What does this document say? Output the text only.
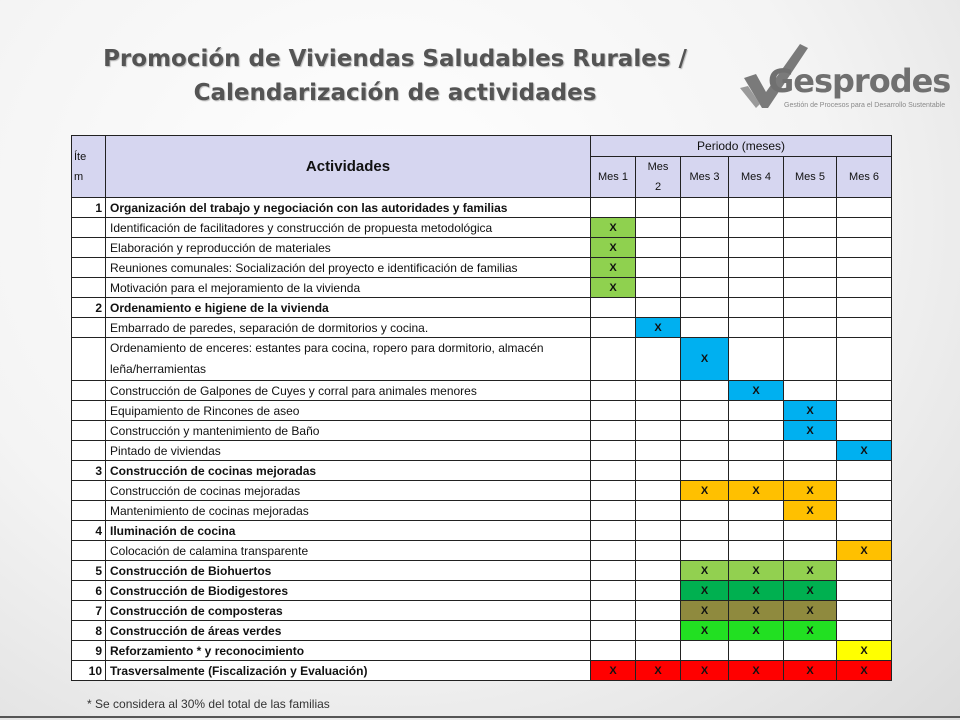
Promoción de Viviendas Saludables Rurales /
Calendarización de actividades	Gesprodes
Gestión de Procesos para el Desarrollo Sustentable
Íte m	Actividades	Periodo (meses)					
		Mes 1	Mes 2	Mes 3	Mes 4	Mes 5	Mes 6
1	Organización del trabajo y negociación con las autoridades y familias						
	Identificación de facilitadores y construcción de propuesta metodológica	X					
	Elaboración y reproducción de materiales	X					
	Reuniones comunales: Socialización del proyecto e identificación de familias	X					
	Motivación para el mejoramiento de la vivienda	X					
2	Ordenamiento e higiene de la vivienda						
	Embarrado de paredes, separación de dormitorios y cocina.		X				
	Ordenamiento de enceres: estantes para cocina, ropero para dormitorio, almacén leña/herramientas			X			
	Construcción de Galpones de Cuyes y corral para animales menores				X		
	Equipamiento de Rincones de aseo					X	
	Construcción y mantenimiento de Baño					X	
	Pintado de viviendas						X
3	Construcción de cocinas mejoradas						
	Construcción de cocinas mejoradas			X	X	X	
	Mantenimiento de cocinas mejoradas					X	
4	Iluminación de cocina						
	Colocación de calamina transparente						X
5	Construcción de Biohuertos			X	X	X	
6	Construcción de Biodigestores			X	X	X	
7	Construcción de composteras			X	X	X	
8	Construcción de áreas verdes			X	X	X	
9	Reforzamiento * y reconocimiento						X
10	Trasversalmente (Fiscalización y Evaluación)	X	X	X	X	X	X
* Se considera al 30% del total de las familias
